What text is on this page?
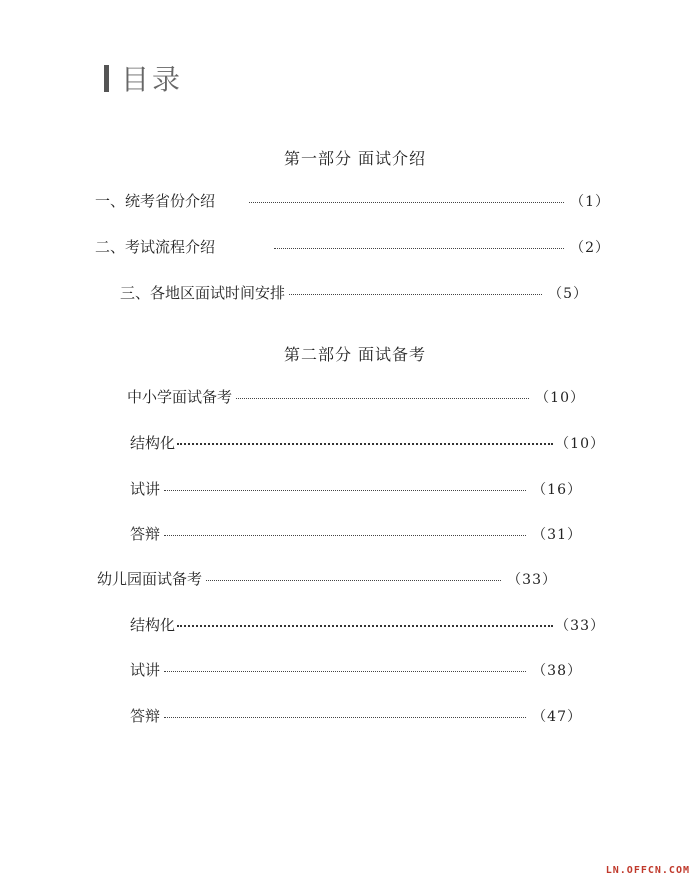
目录
第一部分 面试介绍
一、统考省份介绍	（1）
二、考试流程介绍	（2）
三、各地区面试时间安排	（5）
第二部分 面试备考
中小学面试备考	（10）
结构化	（10）
试讲	（16）
答辩	（31）
幼儿园面试备考	（33）
结构化	（33）
试讲	（38）
答辩	（47）
LN.OFFCN.COM
